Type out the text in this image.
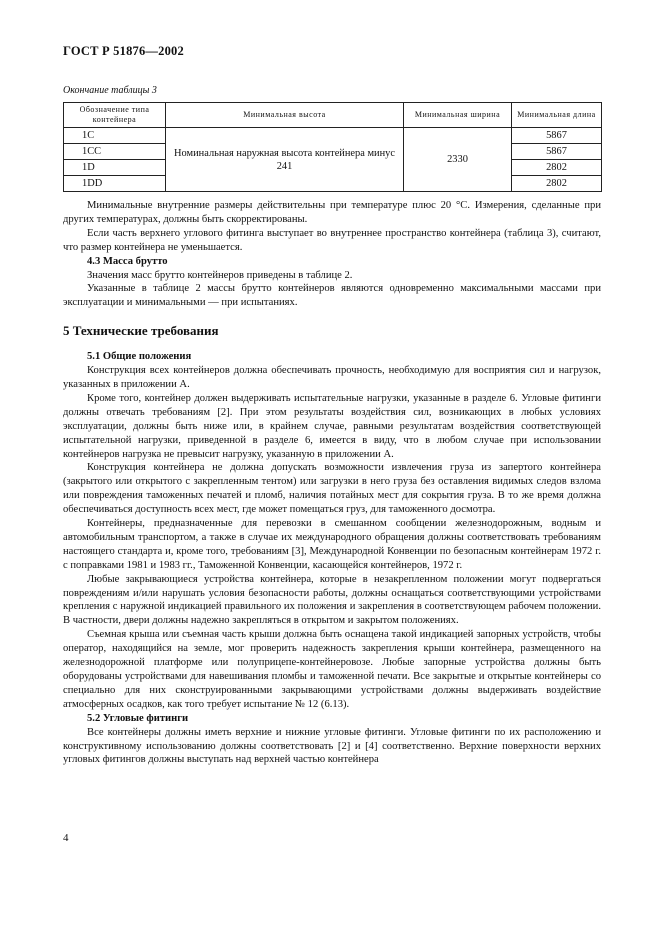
ГОСТ Р 51876—2002
Окончание таблицы 3
Обозначение типа контейнера	Минимальная высота	Минимальная ширина	Минимальная длина
1C	Номинальная наружная высота контейнера минус 241	2330	5867
1CC			5867
1D			2802
1DD			2802

Минимальные внутренние размеры действительны при температуре плюс 20 °С. Измерения, сделанные при других температурах, должны быть скорректированы.

Если часть верхнего углового фитинга выступает во внутреннее пространство контейнера (таблица 3), считают, что размер контейнера не уменьшается.

4.3 Масса брутто

Значения масс брутто контейнеров приведены в таблице 2.

Указанные в таблице 2 массы брутто контейнеров являются одновременно максимальными массами при эксплуатации и минимальными — при испытаниях.

5 Технические требования

5.1 Общие положения

Конструкция всех контейнеров должна обеспечивать прочность, необходимую для восприятия сил и нагрузок, указанных в приложении А.

Кроме того, контейнер должен выдерживать испытательные нагрузки, указанные в разделе 6. Угловые фитинги должны отвечать требованиям [2]. При этом результаты воздействия сил, возникающих в любых условиях эксплуатации, должны быть ниже или, в крайнем случае, равными результатам воздействия соответствующей испытательной нагрузки, приведенной в разделе 6, имеется в виду, что в любом случае при использовании контейнеров нагрузка не превысит нагрузку, указанную в приложении А.

Конструкция контейнера не должна допускать возможности извлечения груза из запертого контейнера (закрытого или открытого с закрепленным тентом) или загрузки в него груза без оставления видимых следов взлома или повреждения таможенных печатей и пломб, наличия потайных мест для сокрытия груза. В то же время должна обеспечиваться доступность всех мест, где может помещаться груз, для таможенного досмотра.

Контейнеры, предназначенные для перевозки в смешанном сообщении железнодорожным, водным и автомобильным транспортом, а также в случае их международного обращения должны соответствовать требованиям настоящего стандарта и, кроме того, требованиям [3], Международной Конвенции по безопасным контейнерам 1972 г. с поправками 1981 и 1983 гг., Таможенной Конвенции, касающейся контейнеров, 1972 г.

Любые закрывающиеся устройства контейнера, которые в незакрепленном положении могут подвергаться повреждениям и/или нарушать условия безопасности работы, должны оснащаться соответствующими устройствами крепления с наружной индикацией правильного их положения и закрепления в соответствующем рабочем положении. В частности, двери должны надежно закрепляться в открытом и закрытом положениях.

Съемная крыша или съемная часть крыши должна быть оснащена такой индикацией запорных устройств, чтобы оператор, находящийся на земле, мог проверить надежность закрепления крыши контейнера, размещенного на железнодорожной платформе или полуприцепе-контейнеровозе. Любые запорные устройства должны быть оборудованы устройствами для навешивания пломбы и таможенной печати. Все закрытые и открытые контейнеры со специально для них сконструированными закрывающими устройствами должны выдерживать воздействие атмосферных осадков, как того требует испытание № 12 (6.13).

5.2 Угловые фитинги

Все контейнеры должны иметь верхние и нижние угловые фитинги. Угловые фитинги по их расположению и конструктивному использованию должны соответствовать [2] и [4] соответственно. Верхние поверхности верхних угловых фитингов должны выступать над верхней частью контейнера

4
